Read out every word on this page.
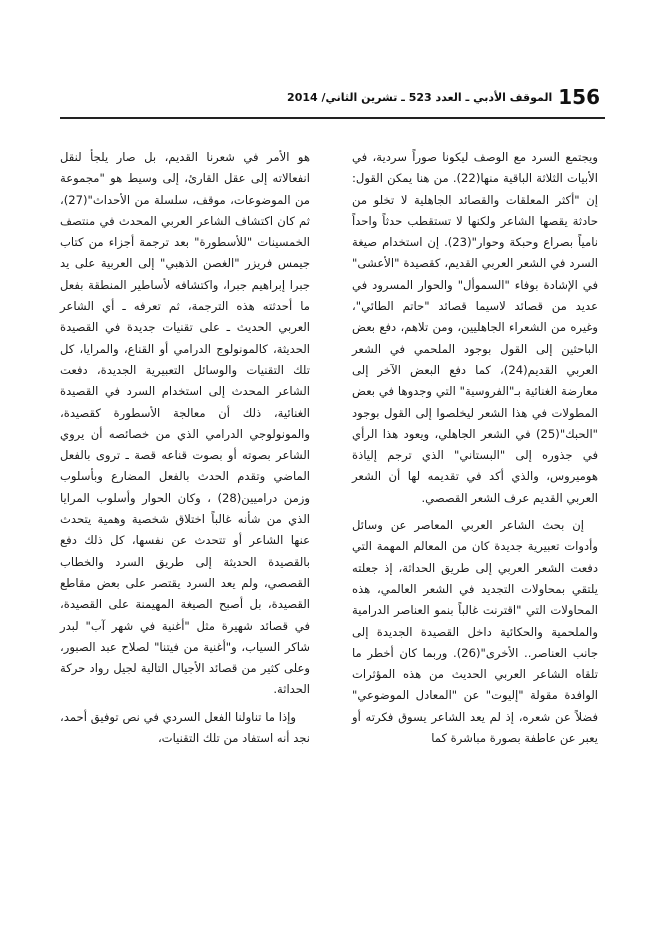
156
الموقف الأدبي ـ العدد 523 ـ تشرين الثاني/ 2014

ويجتمع السرد مع الوصف ليكونا صوراً سردية، في الأبيات الثلاثة الباقية منها(22). من هنا يمكن القول: إن "أكثر المعلقات والقصائد الجاهلية لا تخلو من حادثة يقصها الشاعر ولكنها لا تستقطب حدثاً واحداً نامياً بصراع وحبكة وحوار"(23). إن استخدام صيغة السرد في الشعر العربي القديم، كقصيدة "الأعشى" في الإشادة بوفاء "السموأل" والحوار المسرود في عديد من قصائد لاسيما قصائد "حاتم الطائي"، وغيره من الشعراء الجاهليين، ومن تلاهم، دفع بعض الباحثين إلى القول بوجود الملحمي في الشعر العربي القديم(24)، كما دفع البعض الآخر إلى معارضة الغنائية بـ"الفروسية" التي وجدوها في بعض المطولات في هذا الشعر ليخلصوا إلى القول بوجود "الحبك"(25) في الشعر الجاهلي، ويعود هذا الرأي في جذوره إلى "البستاني" الذي ترجم إلياذة هوميروس، والذي أكد في تقديمه لها أن الشعر العربي القديم عرف الشعر القصصي.

إن بحث الشاعر العربي المعاصر عن وسائل وأدوات تعبيرية جديدة كان من المعالم المهمة التي دفعت الشعر العربي إلى طريق الحداثة، إذ جعلته يلتقي بمحاولات التجديد في الشعر العالمي، هذه المحاولات التي "اقترنت غالباً بنمو العناصر الدرامية والملحمية والحكائية داخل القصيدة الجديدة إلى جانب العناصر.. الأخرى"(26). وربما كان أخطر ما تلقاه الشاعر العربي الحديث من هذه المؤثرات الوافدة مقولة "إليوت" عن "المعادل الموضوعي" فضلاً عن شعره، إذ لم يعد الشاعر يسوق فكرته أو يعبر عن عاطفة بصورة مباشرة كما

هو الأمر في شعرنا القديم، بل صار يلجأ لنقل انفعالاته إلى عقل القارئ، إلى وسيط هو "مجموعة من الموضوعات، موقف، سلسلة من الأحداث"(27)، ثم كان اكتشاف الشاعر العربي المحدث في منتصف الخمسينات "للأسطورة" بعد ترجمة أجزاء من كتاب جيمس فريزر "الغصن الذهبي" إلى العربية على يد جبرا إبراهيم جبرا، واكتشافه لأساطير المنطقة بفعل ما أحدثته هذه الترجمة، ثم تعرفه ـ أي الشاعر العربي الحديث ـ على تقنيات جديدة في القصيدة الحديثة، كالمونولوج الدرامي أو القناع، والمرايا، كل تلك التقنيات والوسائل التعبيرية الجديدة، دفعت الشاعر المحدث إلى استخدام السرد في القصيدة الغنائية، ذلك أن معالجة الأسطورة كقصيدة، والمونولوجي الدرامي الذي من خصائصه أن يروي الشاعر بصوته أو بصوت قناعه قصة ـ تروى بالفعل الماضي وتقدم الحدث بالفعل المضارع وبأسلوب وزمن دراميين(28) ، وكان الحوار وأسلوب المرايا الذي من شأنه غالباً اختلاق شخصية وهمية يتحدث عنها الشاعر أو تتحدث عن نفسها، كل ذلك دفع بالقصيدة الحديثة إلى طريق السرد والخطاب القصصي، ولم يعد السرد يقتصر على بعض مقاطع القصيدة، بل أصبح الصيغة المهيمنة على القصيدة، في قصائد شهيرة مثل "أغنية في شهر آب" لبدر شاكر السياب، و"أغنية من فيتنا" لصلاح عبد الصبور، وعلى كثير من قصائد الأجيال التالية لجيل رواد حركة الحداثة.

وإذا ما تناولنا الفعل السردي في نص توفيق أحمد، نجد أنه استفاد من تلك التقنيات،
